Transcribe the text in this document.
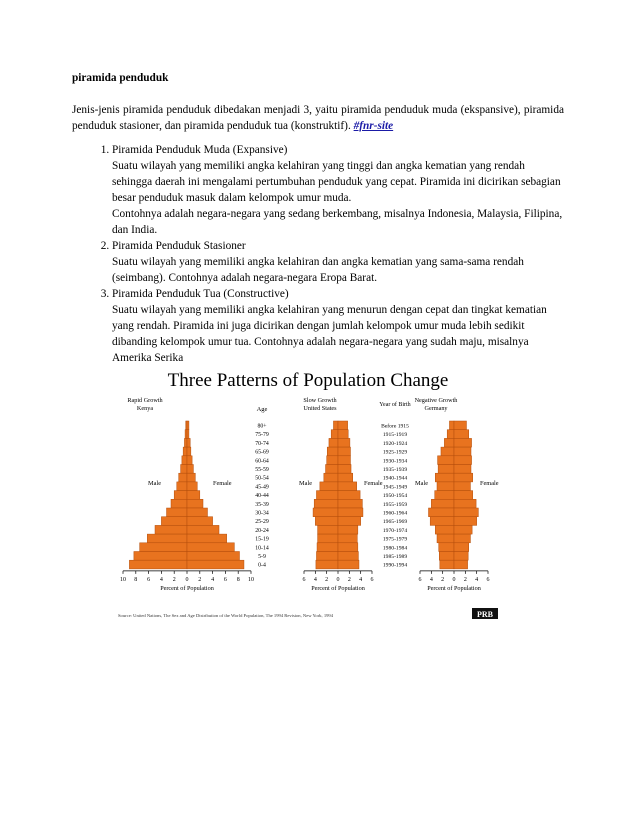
piramida penduduk

Jenis-jenis piramida penduduk dibedakan menjadi 3, yaitu piramida penduduk muda (ekspansive), piramida penduduk stasioner, dan piramida penduduk tua (konstruktif). #fnr-site

1. Piramida Penduduk Muda (Expansive)
Suatu wilayah yang memiliki angka kelahiran yang tinggi dan angka kematian yang rendah sehingga daerah ini mengalami pertumbuhan penduduk yang cepat. Piramida ini dicirikan sebagian besar penduduk masuk dalam kelompok umur muda.
Contohnya adalah negara-negara yang sedang berkembang, misalnya Indonesia, Malaysia, Filipina, dan India.
2. Piramida Penduduk Stasioner
Suatu wilayah yang memiliki angka kelahiran dan angka kematian yang sama-sama rendah (seimbang). Contohnya adalah negara-negara Eropa Barat.
3. Piramida Penduduk Tua (Constructive)
Suatu wilayah yang memiliki angka kelahiran yang menurun dengan cepat dan tingkat kematian yang rendah. Piramida ini juga dicirikan dengan jumlah kelompok umur muda lebih sedikit dibanding kelompok umur tua. Contohnya adalah negara-negara yang sudah maju, misalnya Amerika Serika
Three Patterns of Population Change
Age
80+
75-79
70-74
65-69
60-64
55-59
50-54
45-49
40-44
35-39
30-34
25-29
20-24
15-19
10-14
5-9
0-4
Year of Birth
Before 1915
1915-1919
1920-1924
1925-1929
1930-1934
1935-1939
1940-1944
1945-1949
1950-1954
1955-1959
1960-1964
1965-1969
1970-1974
1975-1979
1980-1984
1985-1989
1990-1994
Rapid Growth
Kenya
Male	Female
10 8 6 4 2 0 2 4 6 8 10
Percent of Population
Slow Growth
United States
Male	Female
6 4 2 0 2 4 6
Percent of Population
Negative Growth
Germany
Male	Female
6 4 2 0 2 4 6
Percent of Population
Source: United Nations, The Sex and Age Distribution of the World Population, The 1994 Revision, New York, 1994	PRB
